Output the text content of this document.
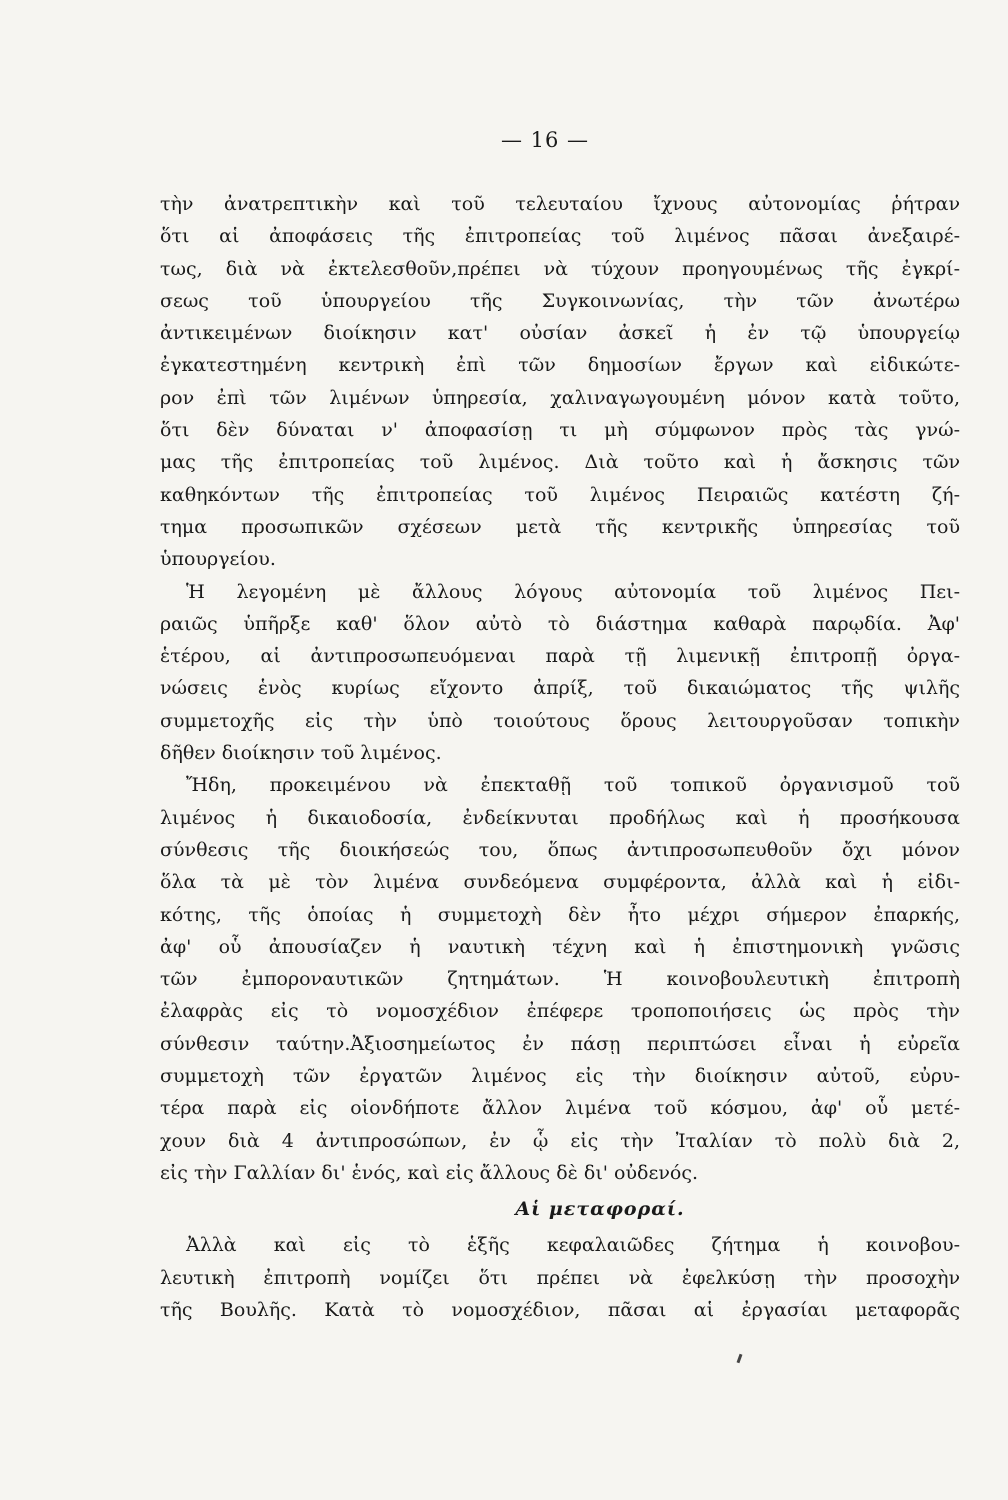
— 16 —
τὴν ἀνατρεπτικὴν καὶ τοῦ τελευταίου ἴχνους αὐτονομίας ῥήτραν
ὅτι αἱ ἀποφάσεις τῆς ἐπιτροπείας τοῦ λιμένος πᾶσαι ἀνεξαιρέ-
τως, διὰ νὰ ἐκτελεσθοῦν,πρέπει νὰ τύχουν προηγουμένως τῆς ἐγκρί-
σεως τοῦ ὑπουργείου τῆς Συγκοινωνίας, τὴν τῶν ἀνωτέρω
ἀντικειμένων διοίκησιν κατ' οὐσίαν ἀσκεῖ ἡ ἐν τῷ ὑπουργείῳ
ἐγκατεστημένη κεντρικὴ ἐπὶ τῶν δημοσίων ἔργων καὶ εἰδικώτε-
ρον ἐπὶ τῶν λιμένων ὑπηρεσία, χαλιναγωγουμένη μόνον κατὰ τοῦτο,
ὅτι δὲν δύναται ν' ἀποφασίσῃ τι μὴ σύμφωνον πρὸς τὰς γνώ-
μας τῆς ἐπιτροπείας τοῦ λιμένος. Διὰ τοῦτο καὶ ἡ ἄσκησις τῶν
καθηκόντων τῆς ἐπιτροπείας τοῦ λιμένος Πειραιῶς κατέστη ζή-
τημα προσωπικῶν σχέσεων μετὰ τῆς κεντρικῆς ὑπηρεσίας τοῦ
ὑπουργείου.
Ἡ λεγομένη μὲ ἄλλους λόγους αὐτονομία τοῦ λιμένος Πει-
ραιῶς ὑπῆρξε καθ' ὅλον αὐτὸ τὸ διάστημα καθαρὰ παρῳδία. Ἀφ'
ἑτέρου, αἱ ἀντιπροσωπευόμεναι παρὰ τῇ λιμενικῇ ἐπιτροπῇ ὀργα-
νώσεις ἑνὸς κυρίως εἴχοντο ἀπρίξ, τοῦ δικαιώματος τῆς ψιλῆς
συμμετοχῆς εἰς τὴν ὑπὸ τοιούτους ὅρους λειτουργοῦσαν τοπικὴν
δῆθεν διοίκησιν τοῦ λιμένος.
Ἤδη, προκειμένου νὰ ἐπεκταθῇ τοῦ τοπικοῦ ὀργανισμοῦ τοῦ
λιμένος ἡ δικαιοδοσία, ἐνδείκνυται προδήλως καὶ ἡ προσήκουσα
σύνθεσις τῆς διοικήσεώς του, ὅπως ἀντιπροσωπευθοῦν ὄχι μόνον
ὅλα τὰ μὲ τὸν λιμένα συνδεόμενα συμφέροντα, ἀλλὰ καὶ ἡ εἰδι-
κότης, τῆς ὁποίας ἡ συμμετοχὴ δὲν ἦτο μέχρι σήμερον ἐπαρκής,
ἀφ' οὗ ἀπουσίαζεν ἡ ναυτικὴ τέχνη καὶ ἡ ἐπιστημονικὴ γνῶσις
τῶν ἐμποροναυτικῶν ζητημάτων. Ἡ κοινοβουλευτικὴ ἐπιτροπὴ
ἐλαφρὰς εἰς τὸ νομοσχέδιον ἐπέφερε τροποποιήσεις ὡς πρὸς τὴν
σύνθεσιν ταύτην.Ἀξιοσημείωτος ἐν πάσῃ περιπτώσει εἶναι ἡ εὐρεῖα
συμμετοχὴ τῶν ἐργατῶν λιμένος εἰς τὴν διοίκησιν αὐτοῦ, εὐρυ-
τέρα παρὰ εἰς οἱονδήποτε ἄλλον λιμένα τοῦ κόσμου, ἀφ' οὗ μετέ-
χουν διὰ 4 ἀντιπροσώπων, ἐν ᾧ εἰς τὴν Ἰταλίαν τὸ πολὺ διὰ 2,
εἰς τὴν Γαλλίαν δι' ἑνός, καὶ εἰς ἄλλους δὲ δι' οὐδενός.
Αἱ μεταφοραί.
Ἀλλὰ καὶ εἰς τὸ ἑξῆς κεφαλαιῶδες ζήτημα ἡ κοινοβου-
λευτικὴ ἐπιτροπὴ νομίζει ὅτι πρέπει νὰ ἐφελκύσῃ τὴν προσοχὴν
τῆς Βουλῆς. Κατὰ τὸ νομοσχέδιον, πᾶσαι αἱ ἐργασίαι μεταφορᾶς
